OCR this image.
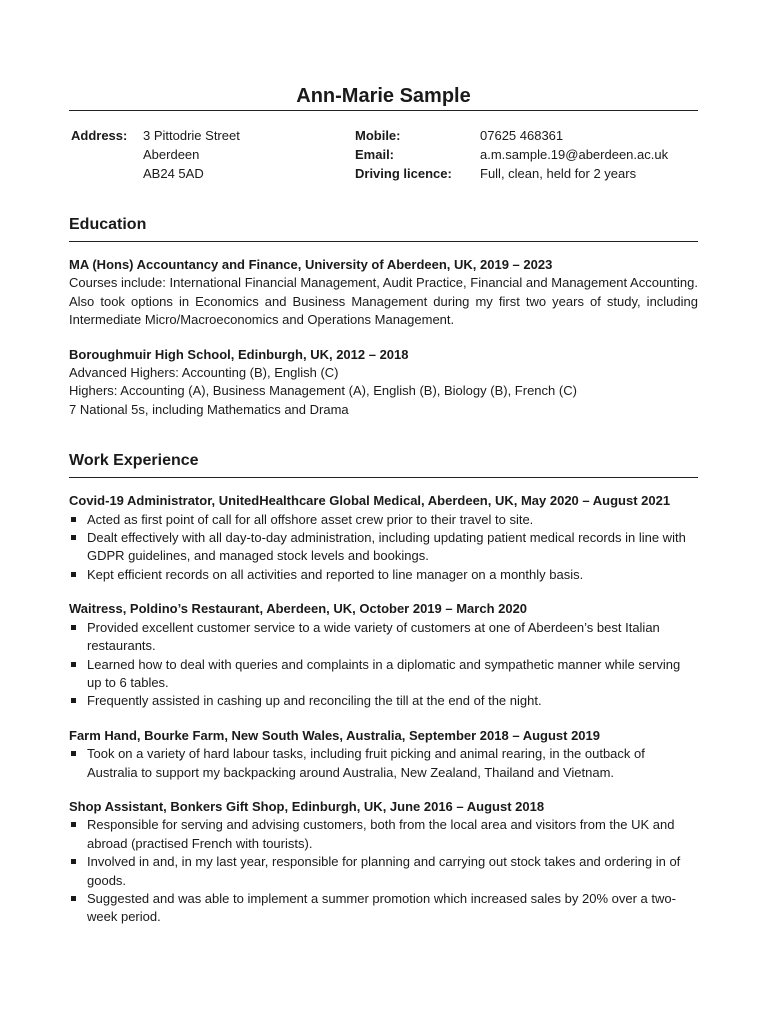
Ann-Marie Sample
Address: 3 Pittodrie Street
Aberdeen
AB24 5AD
Mobile:
Email:
Driving licence:
07625 468361
a.m.sample.19@aberdeen.ac.uk
Full, clean, held for 2 years
Education
MA (Hons) Accountancy and Finance, University of Aberdeen, UK, 2019 – 2023
Courses include: International Financial Management, Audit Practice, Financial and Management Accounting. Also took options in Economics and Business Management during my first two years of study, including Intermediate Micro/Macroeconomics and Operations Management.
Boroughmuir High School, Edinburgh, UK, 2012 – 2018
Advanced Highers: Accounting (B), English (C)
Highers: Accounting (A), Business Management (A), English (B), Biology (B), French (C)
7 National 5s, including Mathematics and Drama
Work Experience
Covid-19 Administrator, UnitedHealthcare Global Medical, Aberdeen, UK, May 2020 – August 2021
Acted as first point of call for all offshore asset crew prior to their travel to site.
Dealt effectively with all day-to-day administration, including updating patient medical records in line with GDPR guidelines, and managed stock levels and bookings.
Kept efficient records on all activities and reported to line manager on a monthly basis.
Waitress, Poldino’s Restaurant, Aberdeen, UK, October 2019 – March 2020
Provided excellent customer service to a wide variety of customers at one of Aberdeen’s best Italian restaurants.
Learned how to deal with queries and complaints in a diplomatic and sympathetic manner while serving up to 6 tables.
Frequently assisted in cashing up and reconciling the till at the end of the night.
Farm Hand, Bourke Farm, New South Wales, Australia, September 2018 – August 2019
Took on a variety of hard labour tasks, including fruit picking and animal rearing, in the outback of Australia to support my backpacking around Australia, New Zealand, Thailand and Vietnam.
Shop Assistant, Bonkers Gift Shop, Edinburgh, UK, June 2016 – August 2018
Responsible for serving and advising customers, both from the local area and visitors from the UK and abroad (practised French with tourists).
Involved in and, in my last year, responsible for planning and carrying out stock takes and ordering in of goods.
Suggested and was able to implement a summer promotion which increased sales by 20% over a two-week period.
